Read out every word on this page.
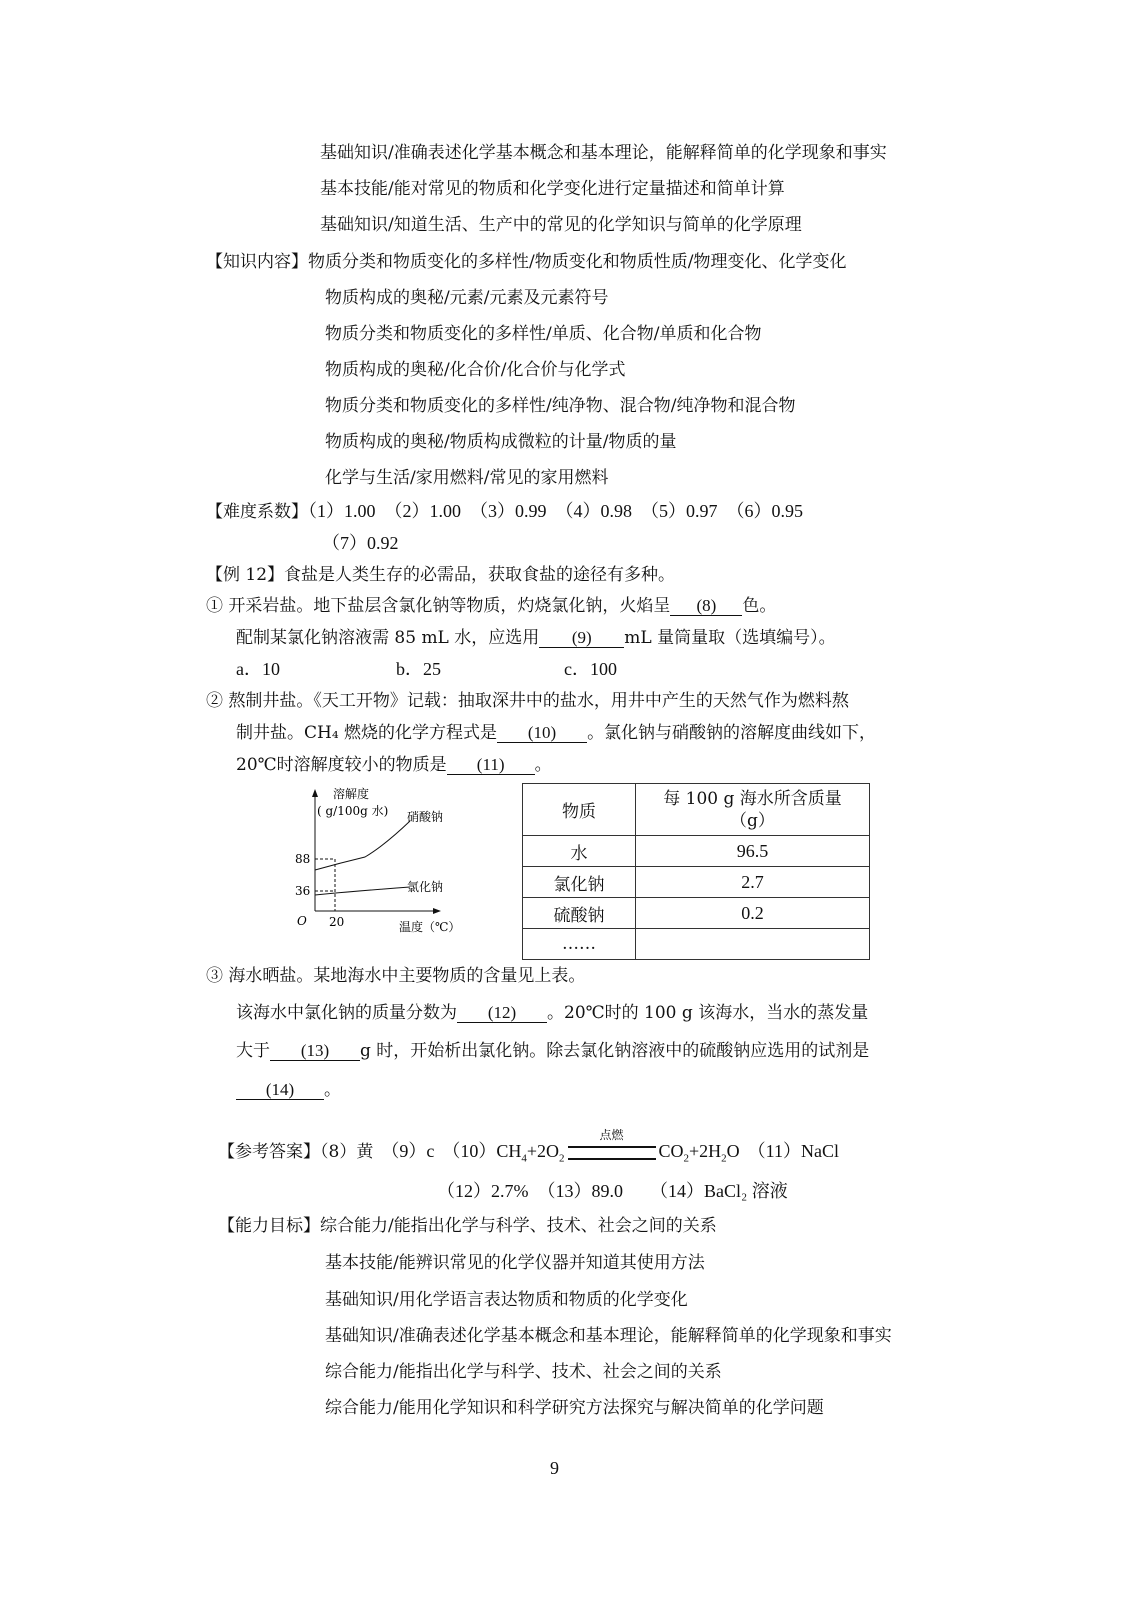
基础知识/准确表述化学基本概念和基本理论，能解释简单的化学现象和事实
基本技能/能对常见的物质和化学变化进行定量描述和简单计算
基础知识/知道生活、生产中的常见的化学知识与简单的化学原理
【知识内容】物质分类和物质变化的多样性/物质变化和物质性质/物理变化、化学变化
物质构成的奥秘/元素/元素及元素符号
物质分类和物质变化的多样性/单质、化合物/单质和化合物
物质构成的奥秘/化合价/化合价与化学式
物质分类和物质变化的多样性/纯净物、混合物/纯净物和混合物
物质构成的奥秘/物质构成微粒的计量/物质的量
化学与生活/家用燃料/常见的家用燃料
【难度系数】（1）1.00　（2）1.00　（3）0.99　（4）0.98　（5）0.97　（6）0.95
（7）0.92
【例 12】食盐是人类生存的必需品，获取食盐的途径有多种。
① 开采岩盐。地下盐层含氯化钠等物质，灼烧氯化钠，火焰呈 (8) 色。
配制某氯化钠溶液需 85 mL 水，应选用 (9) mL 量筒量取（选填编号）。
a．10	b．25	c．100
② 熬制井盐。《天工开物》记载：抽取深井中的盐水，用井中产生的天然气作为燃料熬
制井盐。CH₄ 燃烧的化学方程式是 (10) 。氯化钠与硝酸钠的溶解度曲线如下，
20℃时溶解度较小的物质是 (11) 。
溶解度
( g/100g 水) 硝酸钠
氯化钠
88
36
O 20	温度（℃）
物质	每 100 g 海水所含质量
（g）
水	96.5
氯化钠	2.7
硫酸钠	0.2
……	
③ 海水晒盐。某地海水中主要物质的含量见上表。
该海水中氯化钠的质量分数为 (12) 。20℃时的 100 g 该海水，当水的蒸发量
大于 (13) g 时，开始析出氯化钠。除去氯化钠溶液中的硫酸钠应选用的试剂是
(14) 。
【参考答案】（8）黄　 （9）c　 $(10)CH_4+2O_2$
点燃
$CO_2+2H_2O$　 （11）NaCl
（12）2.7%　 （13）89.0　　 （14）BaCl₂ 溶液
【能力目标】综合能力/能指出化学与科学、技术、社会之间的关系
基本技能/能辨识常见的化学仪器并知道其使用方法
基础知识/用化学语言表达物质和物质的化学变化
基础知识/准确表述化学基本概念和基本理论，能解释简单的化学现象和事实
综合能力/能指出化学与科学、技术、社会之间的关系
综合能力/能用化学知识和科学研究方法探究与解决简单的化学问题
9
